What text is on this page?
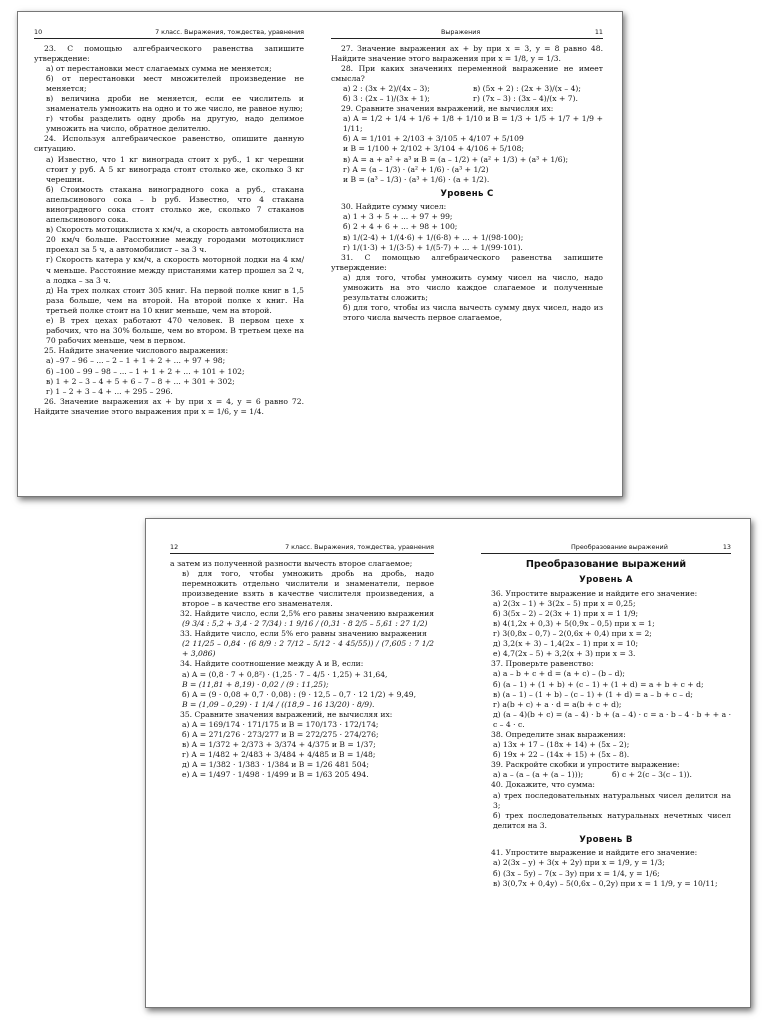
10	7 класс. Выражения, тождества, уравнения

23. С помощью алгебраического равенства запишите утверждение:

а) от перестановки мест слагаемых сумма не меняется;

б) от перестановки мест множителей произведение не меняется;

в) величина дроби не меняется, если ее числитель и знаменатель умножить на одно и то же число, не равное нулю;

г) чтобы разделить одну дробь на другую, надо делимое умножить на число, обратное делителю.

24. Используя алгебраическое равенство, опишите данную ситуацию.

а) Известно, что 1 кг винограда стоит x руб., 1 кг черешни стоит y руб. А 5 кг винограда стоят столько же, сколько 3 кг черешни.

б) Стоимость стакана виноградного сока a руб., стакана апельсинового сока – b руб. Известно, что 4 стакана виноградного сока стоят столько же, сколько 7 стаканов апельсинового сока.

в) Скорость мотоциклиста x км/ч, а скорость автомобилиста на 20 км/ч больше. Расстояние между городами мотоциклист проехал за 5 ч, а автомобилист – за 3 ч.

г) Скорость катера y км/ч, а скорость моторной лодки на 4 км/ч меньше. Расстояние между пристанями катер прошел за 2 ч, а лодка – за 3 ч.

д) На трех полках стоит 305 книг. На первой полке книг в 1,5 раза больше, чем на второй. На второй полке x книг. На третьей полке стоит на 10 книг меньше, чем на второй.

е) В трех цехах работают 470 человек. В первом цехе x рабочих, что на 30% больше, чем во втором. В третьем цехе на 70 рабочих меньше, чем в первом.

25. Найдите значение числового выражения:

а) –97 – 96 – ... – 2 – 1 + 1 + 2 + ... + 97 + 98;

б) –100 – 99 – 98 – ... – 1 + 1 + 2 + ... + 101 + 102;

в) 1 + 2 – 3 – 4 + 5 + 6 – 7 – 8 + ... + 301 + 302;

г) 1 – 2 + 3 – 4 + ... + 295 – 296.

26. Значение выражения ax + by при x = 4, y = 6 равно 72. Найдите значение этого выражения при x = 1/6, y = 1/4.

Выражения	11

27. Значение выражения ax + by при x = 3, y = 8 равно 48. Найдите значение этого выражения при x = 1/8, y = 1/3.

28. При каких значениях переменной выражение не имеет смысла?

а) 2 : (3x + 2)/(4x – 3);	в) (5x + 2) : (2x + 3)/(x – 4);
б) 3 : (2x – 1)/(3x + 1);	г) (7x – 3) : (3x – 4)/(x + 7).

29. Сравните значения выражений, не вычисляя их:

а) A = 1/2 + 1/4 + 1/6 + 1/8 + 1/10 и B = 1/3 + 1/5 + 1/7 + 1/9 + 1/11;

б) A = 1/101 + 2/103 + 3/105 + 4/107 + 5/109

и B = 1/100 + 2/102 + 3/104 + 4/106 + 5/108;

в) A = a + a² + a³ и B = (a – 1/2) + (a² + 1/3) + (a³ + 1/6);

г) A = (a – 1/3) · (a² + 1/6) · (a³ + 1/2)

и B = (a³ – 1/3) · (a³ + 1/6) · (a + 1/2).

Уровень C

30. Найдите сумму чисел:

а) 1 + 3 + 5 + ... + 97 + 99;

б) 2 + 4 + 6 + ... + 98 + 100;

в) 1/(2·4) + 1/(4·6) + 1/(6·8) + ... + 1/(98·100);

г) 1/(1·3) + 1/(3·5) + 1/(5·7) + ... + 1/(99·101).

31. С помощью алгебраического равенства запишите утверждение:

а) для того, чтобы умножить сумму чисел на число, надо умножить на это число каждое слагаемое и полученные результаты сложить;

б) для того, чтобы из числа вычесть сумму двух чисел, надо из этого числа вычесть первое слагаемое,

12	7 класс. Выражения, тождества, уравнения

а затем из полученной разности вычесть второе слагаемое;

в) для того, чтобы умножить дробь на дробь, надо перемножить отдельно числители и знаменатели, первое произведение взять в качестве числителя произведения, а второе – в качестве его знаменателя.

32. Найдите число, если 2,5% его равны значению выражения

(9 3/4 : 5,2 + 3,4 · 2 7/34) : 1 9/16 / (0,31 · 8 2/5 – 5,61 : 27 1/2)

33. Найдите число, если 5% его равны значению выражения

(2 11/25 – 0,84 · (6 8/9 : 2 7/12 – 5/12 · 4 45/55)) / (7,605 : 7 1/2 + 3,086)

34. Найдите соотношение между A и B, если:

а) A = (0,8 · 7 + 0,8²) · (1,25 · 7 – 4/5 · 1,25) + 31,64,

B = (11,81 + 8,19) · 0,02 / (9 : 11,25);

б) A = (9 · 0,08 + 0,7 · 0,08) : (9 · 12,5 – 0,7 · 12 1/2) + 9,49,

B = (1,09 – 0,29) · 1 1/4 / ((18,9 – 16 13/20) · 8/9).

35. Сравните значения выражений, не вычисляя их:

а) A = 169/174 · 171/175 и B = 170/173 · 172/174;

б) A = 271/276 · 273/277 и B = 272/275 · 274/276;

в) A = 1/372 + 2/373 + 3/374 + 4/375 и B = 1/37;

г) A = 1/482 + 2/483 + 3/484 + 4/485 и B = 1/48;

д) A = 1/382 · 1/383 · 1/384 и B = 1/26 481 504;

е) A = 1/497 · 1/498 · 1/499 и B = 1/63 205 494.

Преобразование выражений	13
Преобразование выражений
Уровень А

36. Упростите выражение и найдите его значение:

а) 2(3x – 1) + 3(2x – 5) при x = 0,25;

б) 3(5x – 2) – 2(3x + 1) при x = 1 1/9;

в) 4(1,2x + 0,3) + 5(0,9x – 0,5) при x = 1;

г) 3(0,8x – 0,7) – 2(0,6x + 0,4) при x = 2;

д) 3,2(x + 3) – 1,4(2x – 1) при x = 10;

е) 4,7(2x – 5) + 3,2(x + 3) при x = 3.

37. Проверьте равенство:

а) a – b + c + d = (a + c) – (b – d);

б) (a – 1) + (1 + b) + (c – 1) + (1 + d) = a + b + c + d;

в) (a – 1) – (1 + b) – (c – 1) + (1 + d) = a – b + c – d;

г) a(b + c) + a · d = a(b + c + d);

д) (a – 4)(b + c) = (a – 4) · b + (a – 4) · c = a · b – 4 · b + + a · c – 4 · c.

38. Определите знак выражения:

а) 13x + 17 – (18x + 14) + (5x – 2);

б) 19x + 22 – (14x + 15) + (5x – 8).

39. Раскройте скобки и упростите выражение:

а) a – (a – (a + (a – 1)));	б) c + 2(c – 3(c – 1)).

40. Докажите, что сумма:

а) трех последовательных натуральных чисел делится на 3;

б) трех последовательных натуральных нечетных чисел делится на 3.

Уровень B

41. Упростите выражение и найдите его значение:

а) 2(3x – y) + 3(x + 2y) при x = 1/9, y = 1/3;

б) (3x – 5y) – 7(x – 3y) при x = 1/4, y = 1/6;

в) 3(0,7x + 0,4y) – 5(0,6x – 0,2y) при x = 1 1/9, y = 10/11;
